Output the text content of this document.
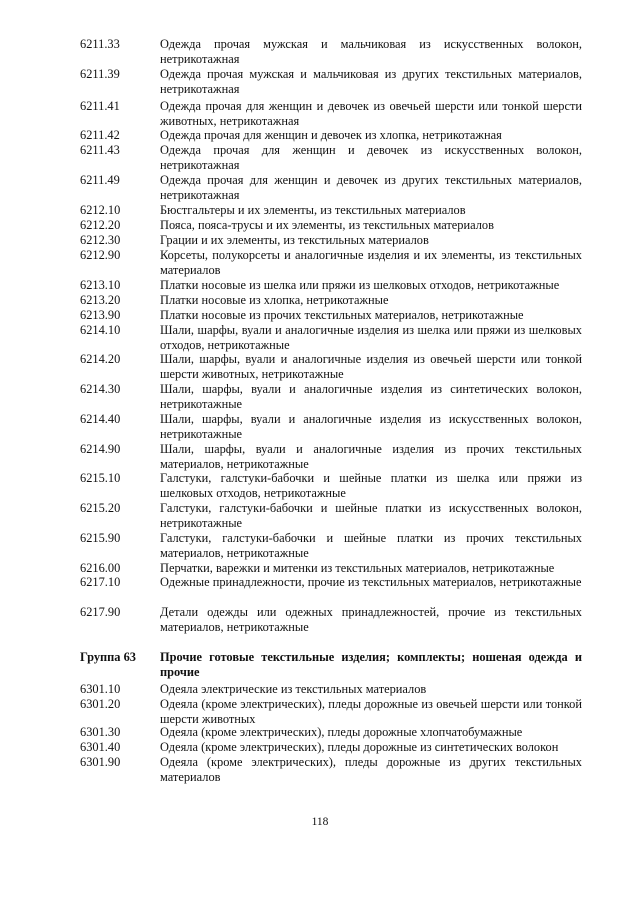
6211.33	Одежда прочая мужская и мальчиковая из искусственных волокон, нетрикотажная
6211.39	Одежда прочая мужская и мальчиковая из других текстильных материалов, нетрикотажная
6211.41	Одежда прочая для женщин и девочек из овечьей шерсти или тонкой шерсти животных, нетрикотажная
6211.42	Одежда прочая для женщин и девочек из хлопка, нетрикотажная
6211.43	Одежда прочая для женщин и девочек из искусственных волокон, нетрикотажная
6211.49	Одежда прочая для женщин и девочек из других текстильных материалов, нетрикотажная
6212.10	Бюстгальтеры и их элементы, из текстильных материалов
6212.20	Пояса, пояса-трусы и их элементы, из текстильных материалов
6212.30	Грации и их элементы, из текстильных материалов
6212.90	Корсеты, полукорсеты и аналогичные изделия и их элементы, из текстильных материалов
6213.10	Платки носовые из шелка или пряжи из шелковых отходов, нетрикотажные
6213.20	Платки носовые из хлопка, нетрикотажные
6213.90	Платки носовые из прочих текстильных материалов, нетрикотажные
6214.10	Шали, шарфы, вуали и аналогичные изделия из шелка или пряжи из шелковых отходов, нетрикотажные
6214.20	Шали, шарфы, вуали и аналогичные изделия из овечьей шерсти или тонкой шерсти животных, нетрикотажные
6214.30	Шали, шарфы, вуали и аналогичные изделия из синтетических волокон, нетрикотажные
6214.40	Шали, шарфы, вуали и аналогичные изделия из искусственных волокон, нетрикотажные
6214.90	Шали, шарфы, вуали и аналогичные изделия из прочих текстильных материалов, нетрикотажные
6215.10	Галстуки, галстуки-бабочки и шейные платки из шелка или пряжи из шелковых отходов, нетрикотажные
6215.20	Галстуки, галстуки-бабочки и шейные платки из искусственных волокон, нетрикотажные
6215.90	Галстуки, галстуки-бабочки и шейные платки из прочих текстильных материалов, нетрикотажные
6216.00	Перчатки, варежки и митенки из текстильных материалов, нетрикотажные
6217.10	Одежные принадлежности, прочие из текстильных материалов, нетрикотажные
6217.90	Детали одежды или одежных принадлежностей, прочие из текстильных материалов, нетрикотажные
Группа 63	Прочие готовые текстильные изделия; комплекты; ношеная одежда и прочие
6301.10	Одеяла электрические из текстильных материалов
6301.20	Одеяла (кроме электрических), пледы дорожные из овечьей шерсти или тонкой шерсти животных
6301.30	Одеяла (кроме электрических), пледы дорожные хлопчатобумажные
6301.40	Одеяла (кроме электрических), пледы дорожные из синтетических волокон
6301.90	Одеяла (кроме электрических), пледы дорожные из других текстильных материалов
118
